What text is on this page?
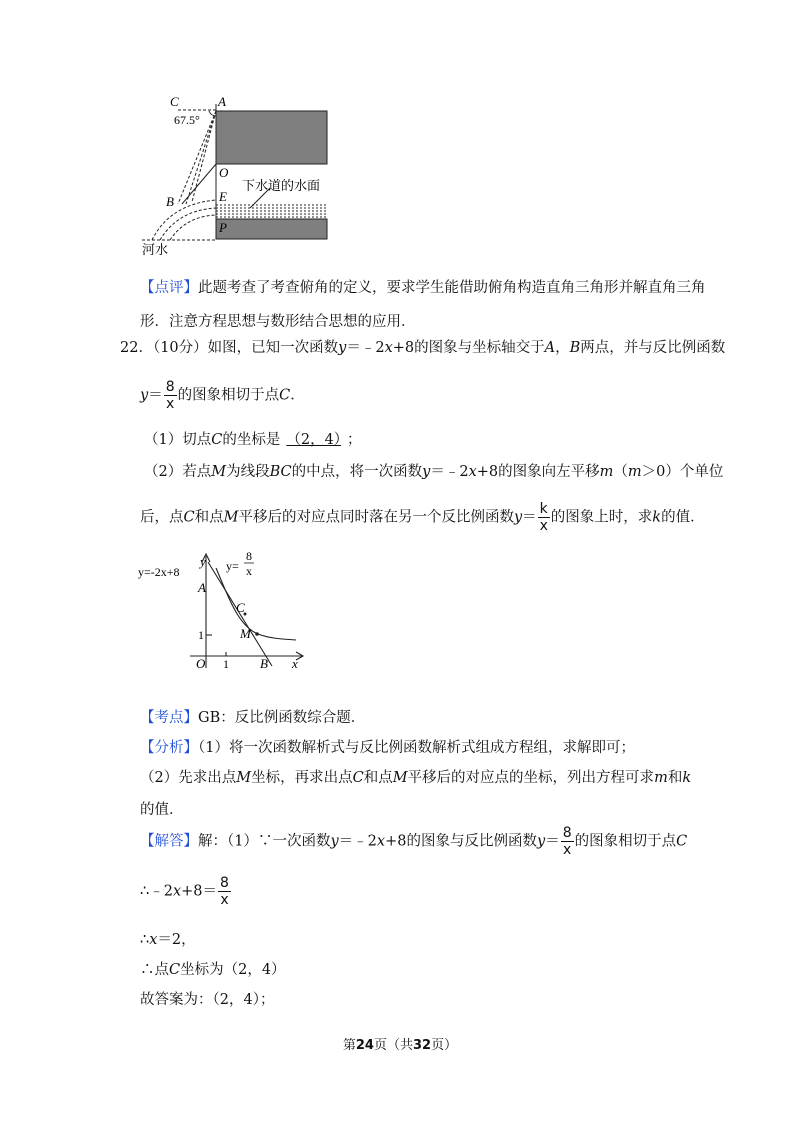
C	A
67.5°
O
B	E
P
下水道的水面
河水
【点评】此题考查了考查俯角的定义，要求学生能借助俯角构造直角三角形并解直角三角
形．注意方程思想与数形结合思想的应用．
22．（10分）如图，已知一次函数y＝﹣2x+8的图象与坐标轴交于A，B两点，并与反比例函数
$y= \frac{8}{x}$ 的图象相切于点C．
（1）切点C的坐标是 （2，4） ；
（2）若点M为线段BC的中点，将一次函数y＝﹣2x+8的图象向左平移m（m＞0）个单位
后，点C和点M平移后的对应点同时落在另一个反比例函数$y= \frac{k}{x}$ 的图象上时，求k的值．
y=-2x+8
y y=
8
x
A
C
M
1
O 1 B x
【考点】GB：反比例函数综合题．
【分析】（1）将一次函数解析式与反比例函数解析式组成方程组，求解即可；
（2）先求出点M坐标，再求出点C和点M平移后的对应点的坐标，列出方程可求m和k
的值．
【解答】解：（1）∵一次函数y＝﹣2x+8的图象与反比例函数$y= \frac{8}{x}$ 的图象相切于点C
∴﹣2x+8＝ $\frac{8}{x}$
∴x＝2，
∴点C坐标为（2，4）
故答案为：（2，4）；
第24页（共32页）
